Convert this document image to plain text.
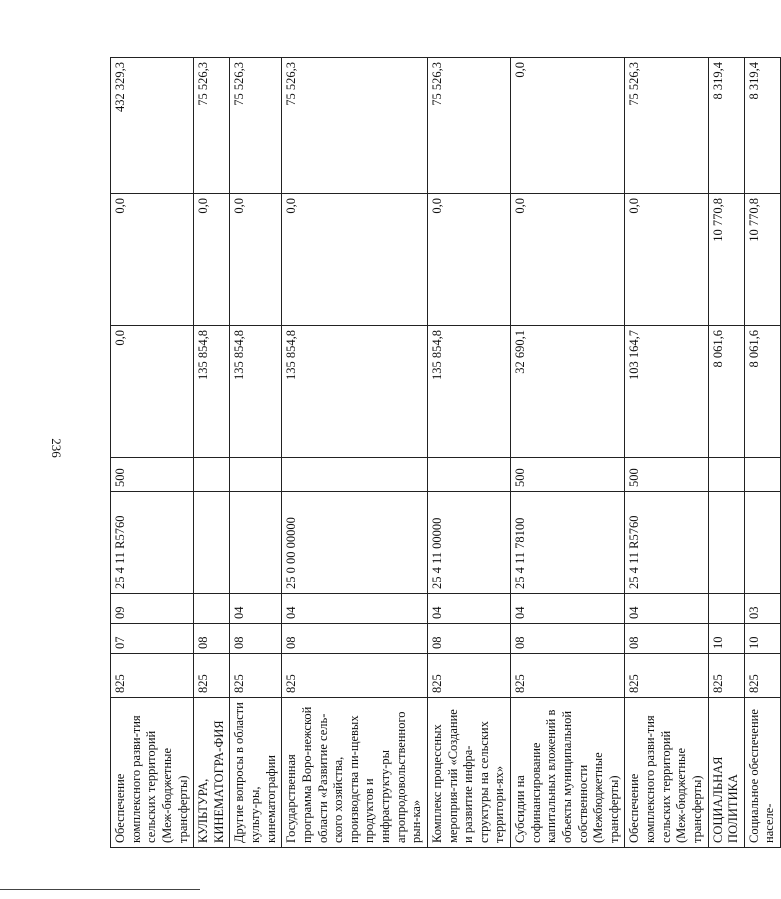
236
Обеспечение комплексного разви-тия сельских территорий (Меж-бюджетные трансферты)	825	07	09	25 4 11 R5760	500	0,0	0,0	432 329,3
КУЛЬТУРА, КИНЕМАТОГРА-ФИЯ	825	08				135 854,8	0,0	75 526,3
Другие вопросы в области культу-ры, кинематографии	825	08	04			135 854,8	0,0	75 526,3
Государственная программа Воро-нежской области «Развитие сель-ского хозяйства, производства пи-щевых продуктов и инфраструкту-ры агропродовольственного рын-ка»	825	08	04	25 0 00 00000		135 854,8	0,0	75 526,3
Комплекс процессных мероприя-тий «Создание и развитие инфра-структуры на сельских территори-ях»	825	08	04	25 4 11 00000		135 854,8	0,0	75 526,3
Субсидии на софинансирование капитальных вложений в объекты муниципальной собственности (Межбюджетные трансферты)	825	08	04	25 4 11 78100	500	32 690,1	0,0	0,0
Обеспечение комплексного разви-тия сельских территорий (Меж-бюджетные трансферты)	825	08	04	25 4 11 R5760	500	103 164,7	0,0	75 526,3
СОЦИАЛЬНАЯ ПОЛИТИКА	825	10				8 061,6	10 770,8	8 319,4
Социальное обеспечение населе-	825	10	03			8 061,6	10 770,8	8 319,4
